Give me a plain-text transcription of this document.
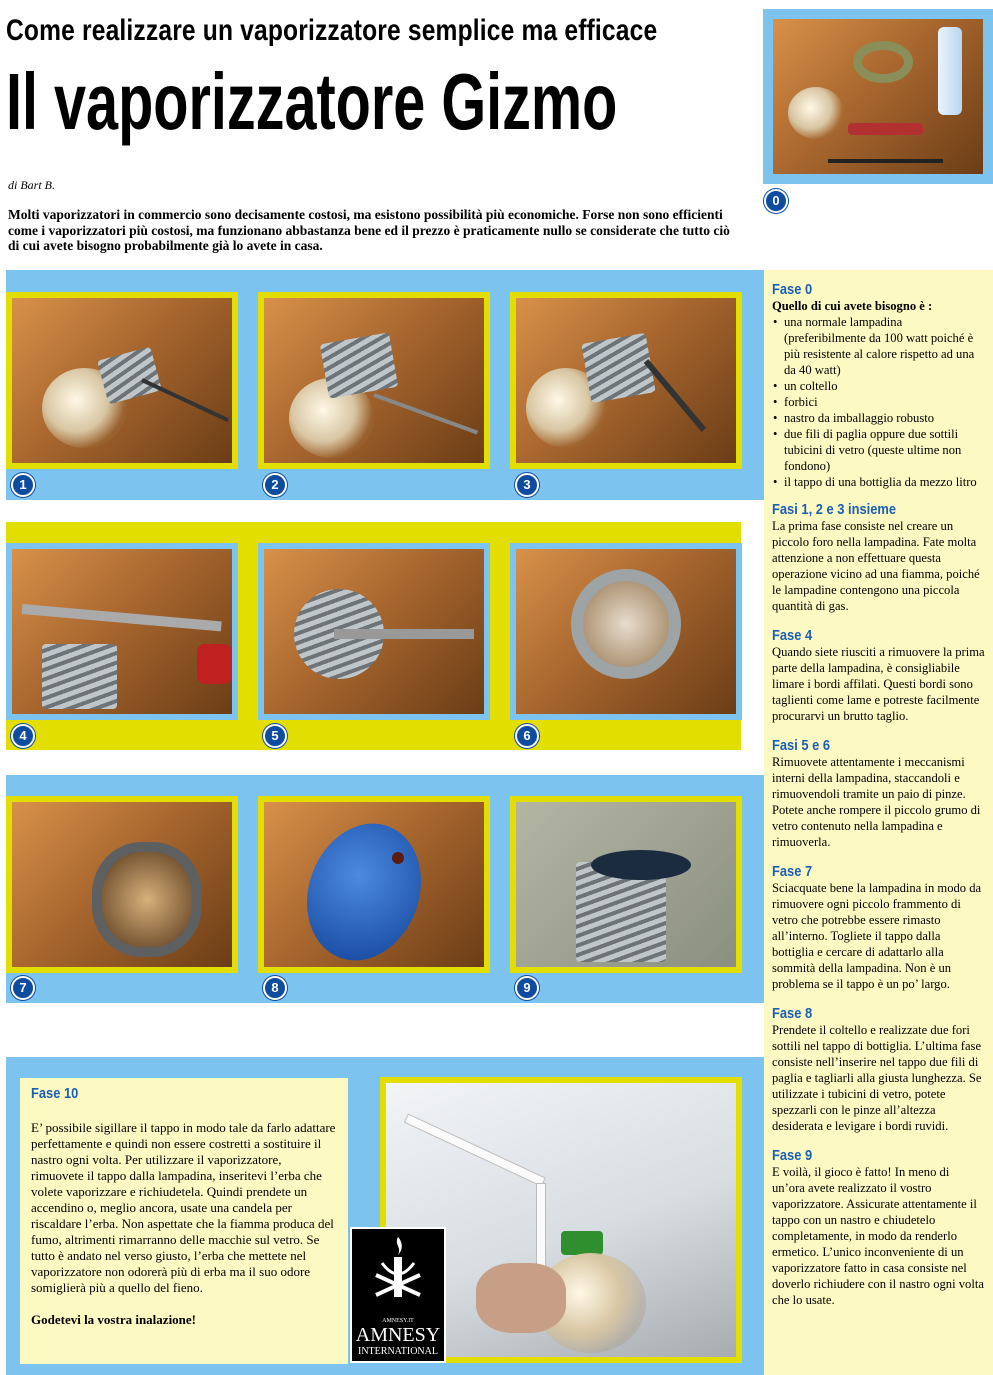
Come realizzare un vaporizzatore semplice ma efficace
Il vaporizzatore Gizmo
di Bart B.
Molti vaporizzatori in commercio sono decisamente costosi, ma esistono possibilità più economiche. Forse non sono efficienti come i vaporizzatori più costosi, ma funzionano abbastanza bene ed il prezzo è praticamente nullo se considerate che tutto ciò di cui avete bisogno probabilmente già lo avete in casa.
0
1	2	3
4	5	6
7	8	9
Fase 10

E’ possibile sigillare il tappo in modo tale da farlo adattare perfettamente e quindi non essere costretti a sostituire il nastro ogni volta. Per utilizzare il vaporizzatore, rimuovete il tappo dalla lampadina, inseritevi l’erba che volete vaporizzare e richiudetela. Quindi prendete un accendino o, meglio ancora, usate una candela per riscaldare l’erba. Non aspettate che la fiamma produca del fumo, altrimenti rimarranno delle macchie sul vetro. Se tutto è andato nel verso giusto, l’erba che mettete nel vaporizzatore non odorerà più di erba ma il suo odore somiglierà più a quello del fieno.

Godetevi la vostra inalazione!	AMNESY.IT
AMNESY
INTERNATIONAL
Fase 0

Quello di cui avete bisogno è :

• una normale lampadina (preferibilmente da 100 watt poiché è più resistente al calore rispetto ad una da 40 watt)
• un coltello
• forbici
• nastro da imballaggio robusto
• due fili di paglia oppure due sottili tubicini di vetro (queste ultime non fondono)
• il tappo di una bottiglia da mezzo litro
Fasi 1, 2 e 3 insieme

La prima fase consiste nel creare un piccolo foro nella lampadina. Fate molta attenzione a non effettuare questa operazione vicino ad una fiamma, poiché le lampadine contengono una piccola quantità di gas.

Fase 4

Quando siete riusciti a rimuovere la prima parte della lampadina, è consigliabile limare i bordi affilati. Questi bordi sono taglienti come lame e potreste facilmente procurarvi un brutto taglio.

Fasi 5 e 6

Rimuovete attentamente i meccanismi interni della lampadina, staccandoli e rimuovendoli tramite un paio di pinze. Potete anche rompere il piccolo grumo di vetro contenuto nella lampadina e rimuoverla.

Fase 7

Sciacquate bene la lampadina in modo da rimuovere ogni piccolo frammento di vetro che potrebbe essere rimasto all’interno. Togliete il tappo dalla bottiglia e cercare di adattarlo alla sommità della lampadina. Non è un problema se il tappo è un po’ largo.

Fase 8

Prendete il coltello e realizzate due fori sottili nel tappo di bottiglia. L’ultima fase consiste nell’inserire nel tappo due fili di paglia e tagliarli alla giusta lunghezza. Se utilizzate i tubicini di vetro, potete spezzarli con le pinze all’altezza desiderata e levigare i bordi ruvidi.

Fase 9

E voilà, il gioco è fatto! In meno di un’ora avete realizzato il vostro vaporizzatore. Assicurate attentamente il tappo con un nastro e chiudetelo completamente, in modo da renderlo ermetico. L’unico inconveniente di un vaporizzatore fatto in casa consiste nel doverlo richiudere con il nastro ogni volta che lo usate.
